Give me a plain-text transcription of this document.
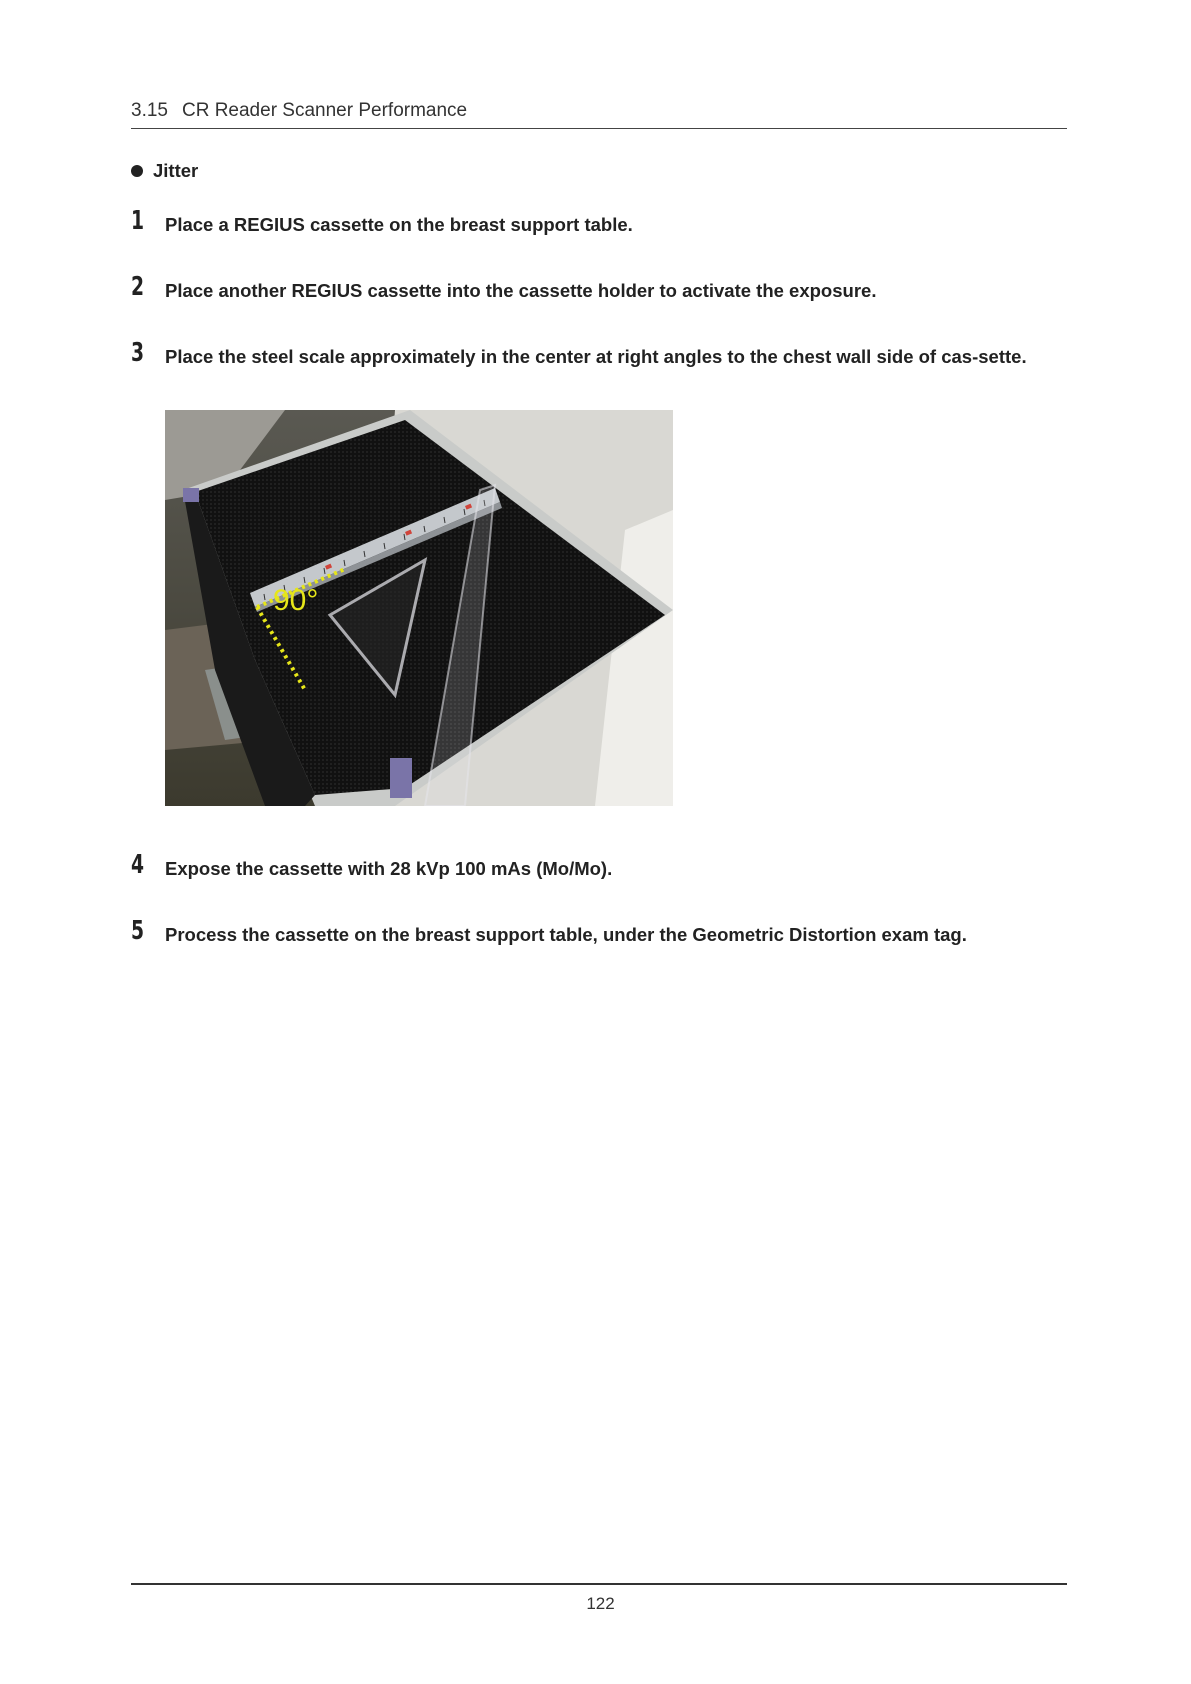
3.15 CR Reader Scanner Performance
Jitter
1	Place a REGIUS cassette on the breast support table.
2	Place another REGIUS cassette into the cassette holder to activate the exposure.
3	Place the steel scale approximately in the center at right angles to the chest wall side of cas-sette.
90°
4	Expose the cassette with 28 kVp 100 mAs (Mo/Mo).
5	Process the cassette on the breast support table, under the Geometric Distortion exam tag.
122
